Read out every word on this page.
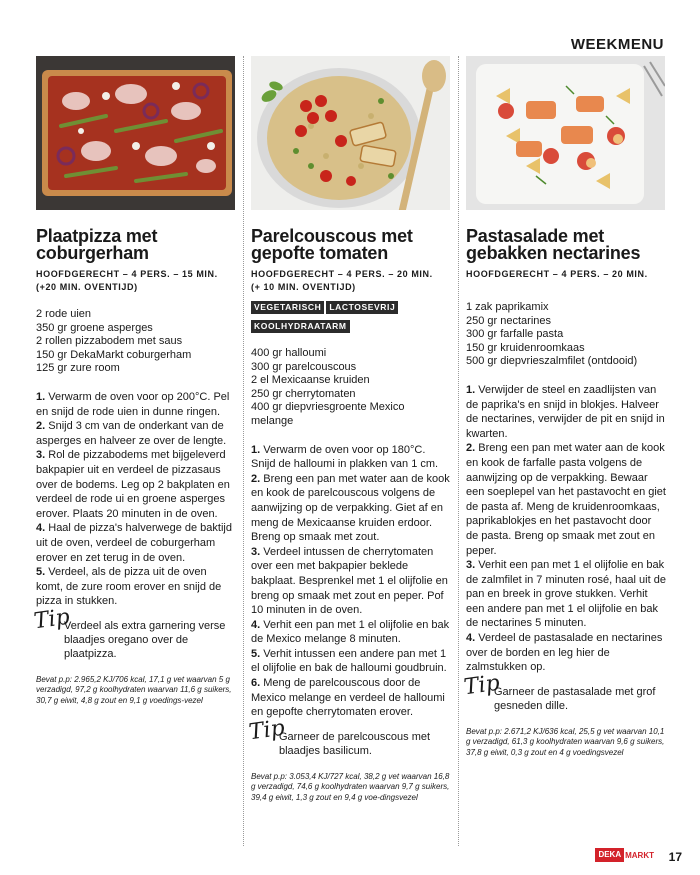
WEEKMENU
Plaatpizza met
coburgerham
HOOFDGERECHT – 4 PERS. – 15 MIN.
(+20 MIN. OVENTIJD)
2 rode uien
350 gr groene asperges
2 rollen pizzabodem met saus
150 gr DekaMarkt coburgerham
125 gr zure room

1. Verwarm de oven voor op 200°C. Pel en snijd de rode uien in dunne ringen.

2. Snijd 3 cm van de onderkant van de asperges en halveer ze over de lengte.

3. Rol de pizzabodems met bijgeleverd bakpapier uit en verdeel de pizzasaus over de bodems. Leg op 2 bakplaten en verdeel de rode ui en groene asperges erover. Plaats 20 minuten in de oven.

4. Haal de pizza's halverwege de baktijd uit de oven, verdeel de coburgerham erover en zet terug in de oven.

5. Verdeel, als de pizza uit de oven komt, de zure room erover en snijd de pizza in stukken.

Tip
Verdeel als extra garnering verse blaadjes oregano over de plaatpizza.
Bevat p.p: 2.965,2 KJ/706 kcal, 17,1 g vet waarvan 5 g verzadigd, 97,2 g koolhydraten waarvan 11,6 g suikers, 30,7 g eiwit, 4,8 g zout en 9,1 g voedings-vezel
Parelcouscous met
gepofte tomaten
HOOFDGERECHT – 4 PERS. – 20 MIN.
(+ 10 MIN. OVENTIJD)
VEGETARISCH LACTOSEVRIJ
KOOLHYDRAATARM
400 gr halloumi
300 gr parelcouscous
2 el Mexicaanse kruiden
250 gr cherrytomaten
400 gr diepvriesgroente Mexico
melange

1. Verwarm de oven voor op 180°C. Snijd de halloumi in plakken van 1 cm.

2. Breng een pan met water aan de kook en kook de parelcouscous volgens de aanwijzing op de verpakking. Giet af en meng de Mexicaanse kruiden erdoor. Breng op smaak met zout.

3. Verdeel intussen de cherrytomaten over een met bakpapier beklede bakplaat. Besprenkel met 1 el olijfolie en breng op smaak met zout en peper. Pof 10 minuten in de oven.

4. Verhit een pan met 1 el olijfolie en bak de Mexico melange 8 minuten.

5. Verhit intussen een andere pan met 1 el olijfolie en bak de halloumi goudbruin.

6. Meng de parelcouscous door de Mexico melange en verdeel de halloumi en gepofte cherrytomaten erover.

Tip
Garneer de parelcouscous met blaadjes basilicum.
Bevat p.p: 3.053,4 KJ/727 kcal, 38,2 g vet waarvan 16,8 g verzadigd, 74,6 g koolhydraten waarvan 9,7 g suikers, 39,4 g eiwit, 1,3 g zout en 9,4 g voe-dingsvezel
Pastasalade met
gebakken nectarines
HOOFDGERECHT – 4 PERS. – 20 MIN.
1 zak paprikamix
250 gr nectarines
300 gr farfalle pasta
150 gr kruidenroomkaas
500 gr diepvrieszalmfilet (ontdooid)

1. Verwijder de steel en zaadlijsten van de paprika's en snijd in blokjes. Halveer de nectarines, verwijder de pit en snijd in kwarten.

2. Breng een pan met water aan de kook en kook de farfalle pasta volgens de aanwijzing op de verpakking. Bewaar een soeplepel van het pastavocht en giet de pasta af. Meng de kruidenroomkaas, paprikablokjes en het pastavocht door de pasta. Breng op smaak met zout en peper.

3. Verhit een pan met 1 el olijfolie en bak de zalmfilet in 7 minuten rosé, haal uit de pan en breek in grove stukken. Verhit een andere pan met 1 el olijfolie en bak de nectarines 5 minuten.

4. Verdeel de pastasalade en nectarines over de borden en leg hier de zalmstukken op.

Tip
Garneer de pastasalade met grof gesneden dille.
Bevat p.p: 2.671,2 KJ/636 kcal, 25,5 g vet waarvan 10,1 g verzadigd, 61,3 g koolhydraten waarvan 9,6 g suikers, 37,8 g eiwit, 0,3 g zout en 4 g voedingsvezel
DEKA MARKT 17
